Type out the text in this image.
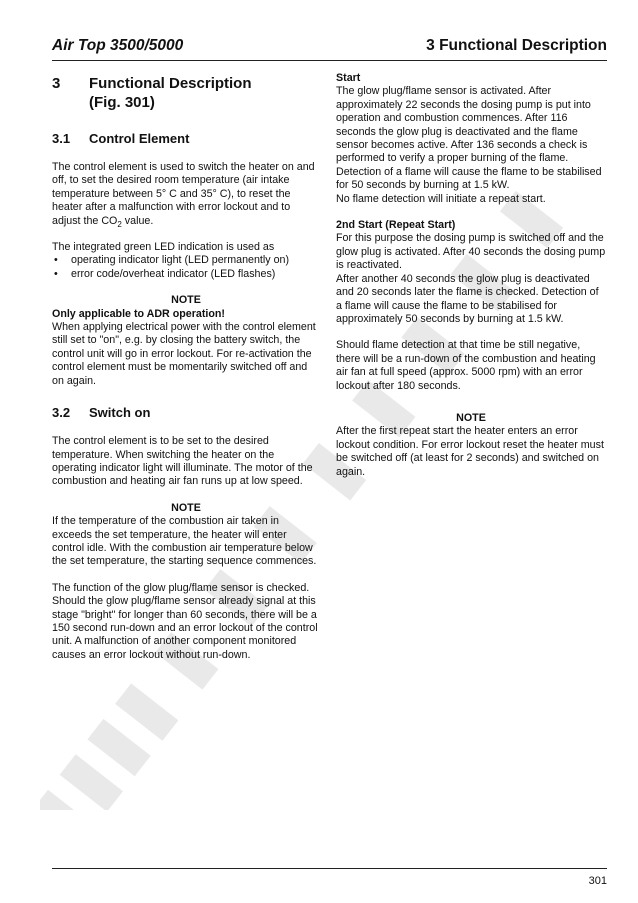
Air Top 3500/5000	3 Functional Description
3	Functional Description
(Fig. 301)
3.1	Control Element

The control element is used to switch the heater on and off, to set the desired room temperature (air intake temperature between 5° C and 35° C), to reset the heater after a malfunction with error lockout and to adjust the $CO_2$ value.

The integrated green LED indication is used as

• operating indicator light (LED permanently on)
• error code/overheat indicator (LED flashes)

NOTE

Only applicable to ADR operation!

When applying electrical power with the control element still set to "on", e.g. by closing the battery switch, the control unit will go in error lockout. For re-activation the control element must be momentarily switched off and on again.

3.2	Switch on

The control element is to be set to the desired temperature. When switching the heater on the operating indicator light will illuminate. The motor of the combustion and heating air fan runs up at low speed.

NOTE

If the temperature of the combustion air taken in exceeds the set temperature, the heater will enter control idle. With the combustion air temperature below the set temperature, the starting sequence commences.

The function of the glow plug/flame sensor is checked. Should the glow plug/flame sensor already signal at this stage "bright" for longer than 60 seconds, there will be a 150 second run-down and an error lockout of the control unit. A malfunction of another component monitored causes an error lockout without run-down.

Start

The glow plug/flame sensor is activated. After approximately 22 seconds the dosing pump is put into operation and combustion commences. After 116 seconds the glow plug is deactivated and the flame sensor becomes active. After 136 seconds a check is performed to verify a proper burning of the flame. Detection of a flame will cause the flame to be stabilised for 50 seconds by burning at 1.5 kW.

No flame detection will initiate a repeat start.

2nd Start (Repeat Start)

For this purpose the dosing pump is switched off and the glow plug is activated. After 40 seconds the dosing pump is reactivated.

After another 40 seconds the glow plug is deactivated and 20 seconds later the flame is checked. Detection of a flame will cause the flame to be stabilised for approximately 50 seconds by burning at 1.5 kW.

Should flame detection at that time be still negative, there will be a run-down of the combustion and heating air fan at full speed (approx. 5000 rpm) with an error lockout after 180 seconds.

NOTE

After the first repeat start the heater enters an error lockout condition. For error lockout reset the heater must be switched off (at least for 2 seconds) and switched on again.

301
